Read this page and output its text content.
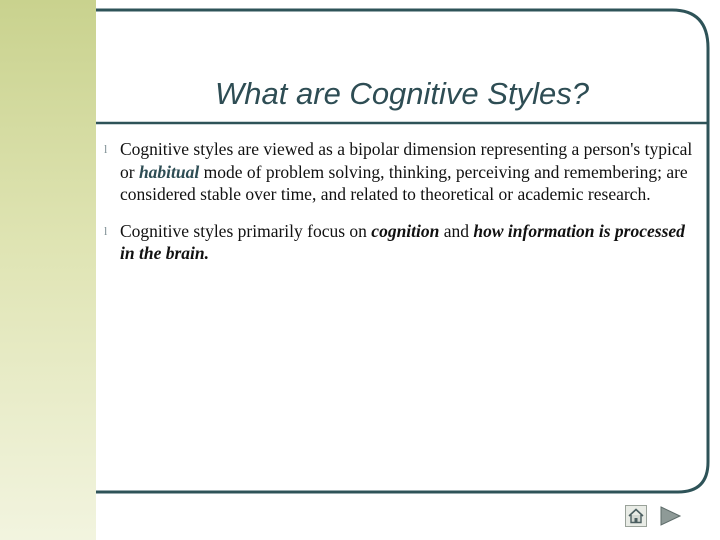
What are Cognitive Styles?
l Cognitive styles are viewed as a bipolar dimension representing a person's typical or habitual mode of problem solving, thinking, perceiving and remembering; are considered stable over time, and related to theoretical or academic research.
l Cognitive styles primarily focus on cognition and how information is processed in the brain.
